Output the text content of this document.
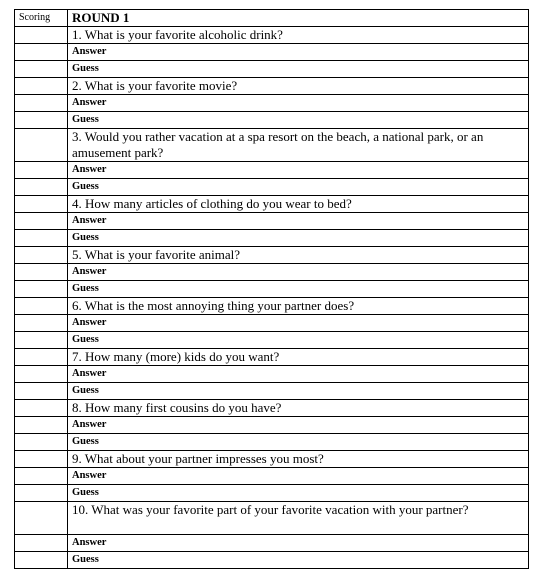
Scoring	ROUND 1
	1. What is your favorite alcoholic drink?
	Answer
	Guess
	2. What is your favorite movie?
	Answer
	Guess
	3. Would you rather vacation at a spa resort on the beach, a national park, or an amusement park?
	Answer
	Guess
	4. How many articles of clothing do you wear to bed?
	Answer
	Guess
	5. What is your favorite animal?
	Answer
	Guess
	6. What is the most annoying thing your partner does?
	Answer
	Guess
	7. How many (more) kids do you want?
	Answer
	Guess
	8. How many first cousins do you have?
	Answer
	Guess
	9. What about your partner impresses you most?
	Answer
	Guess
	10. What was your favorite part of your favorite vacation with your partner?
	Answer
	Guess
